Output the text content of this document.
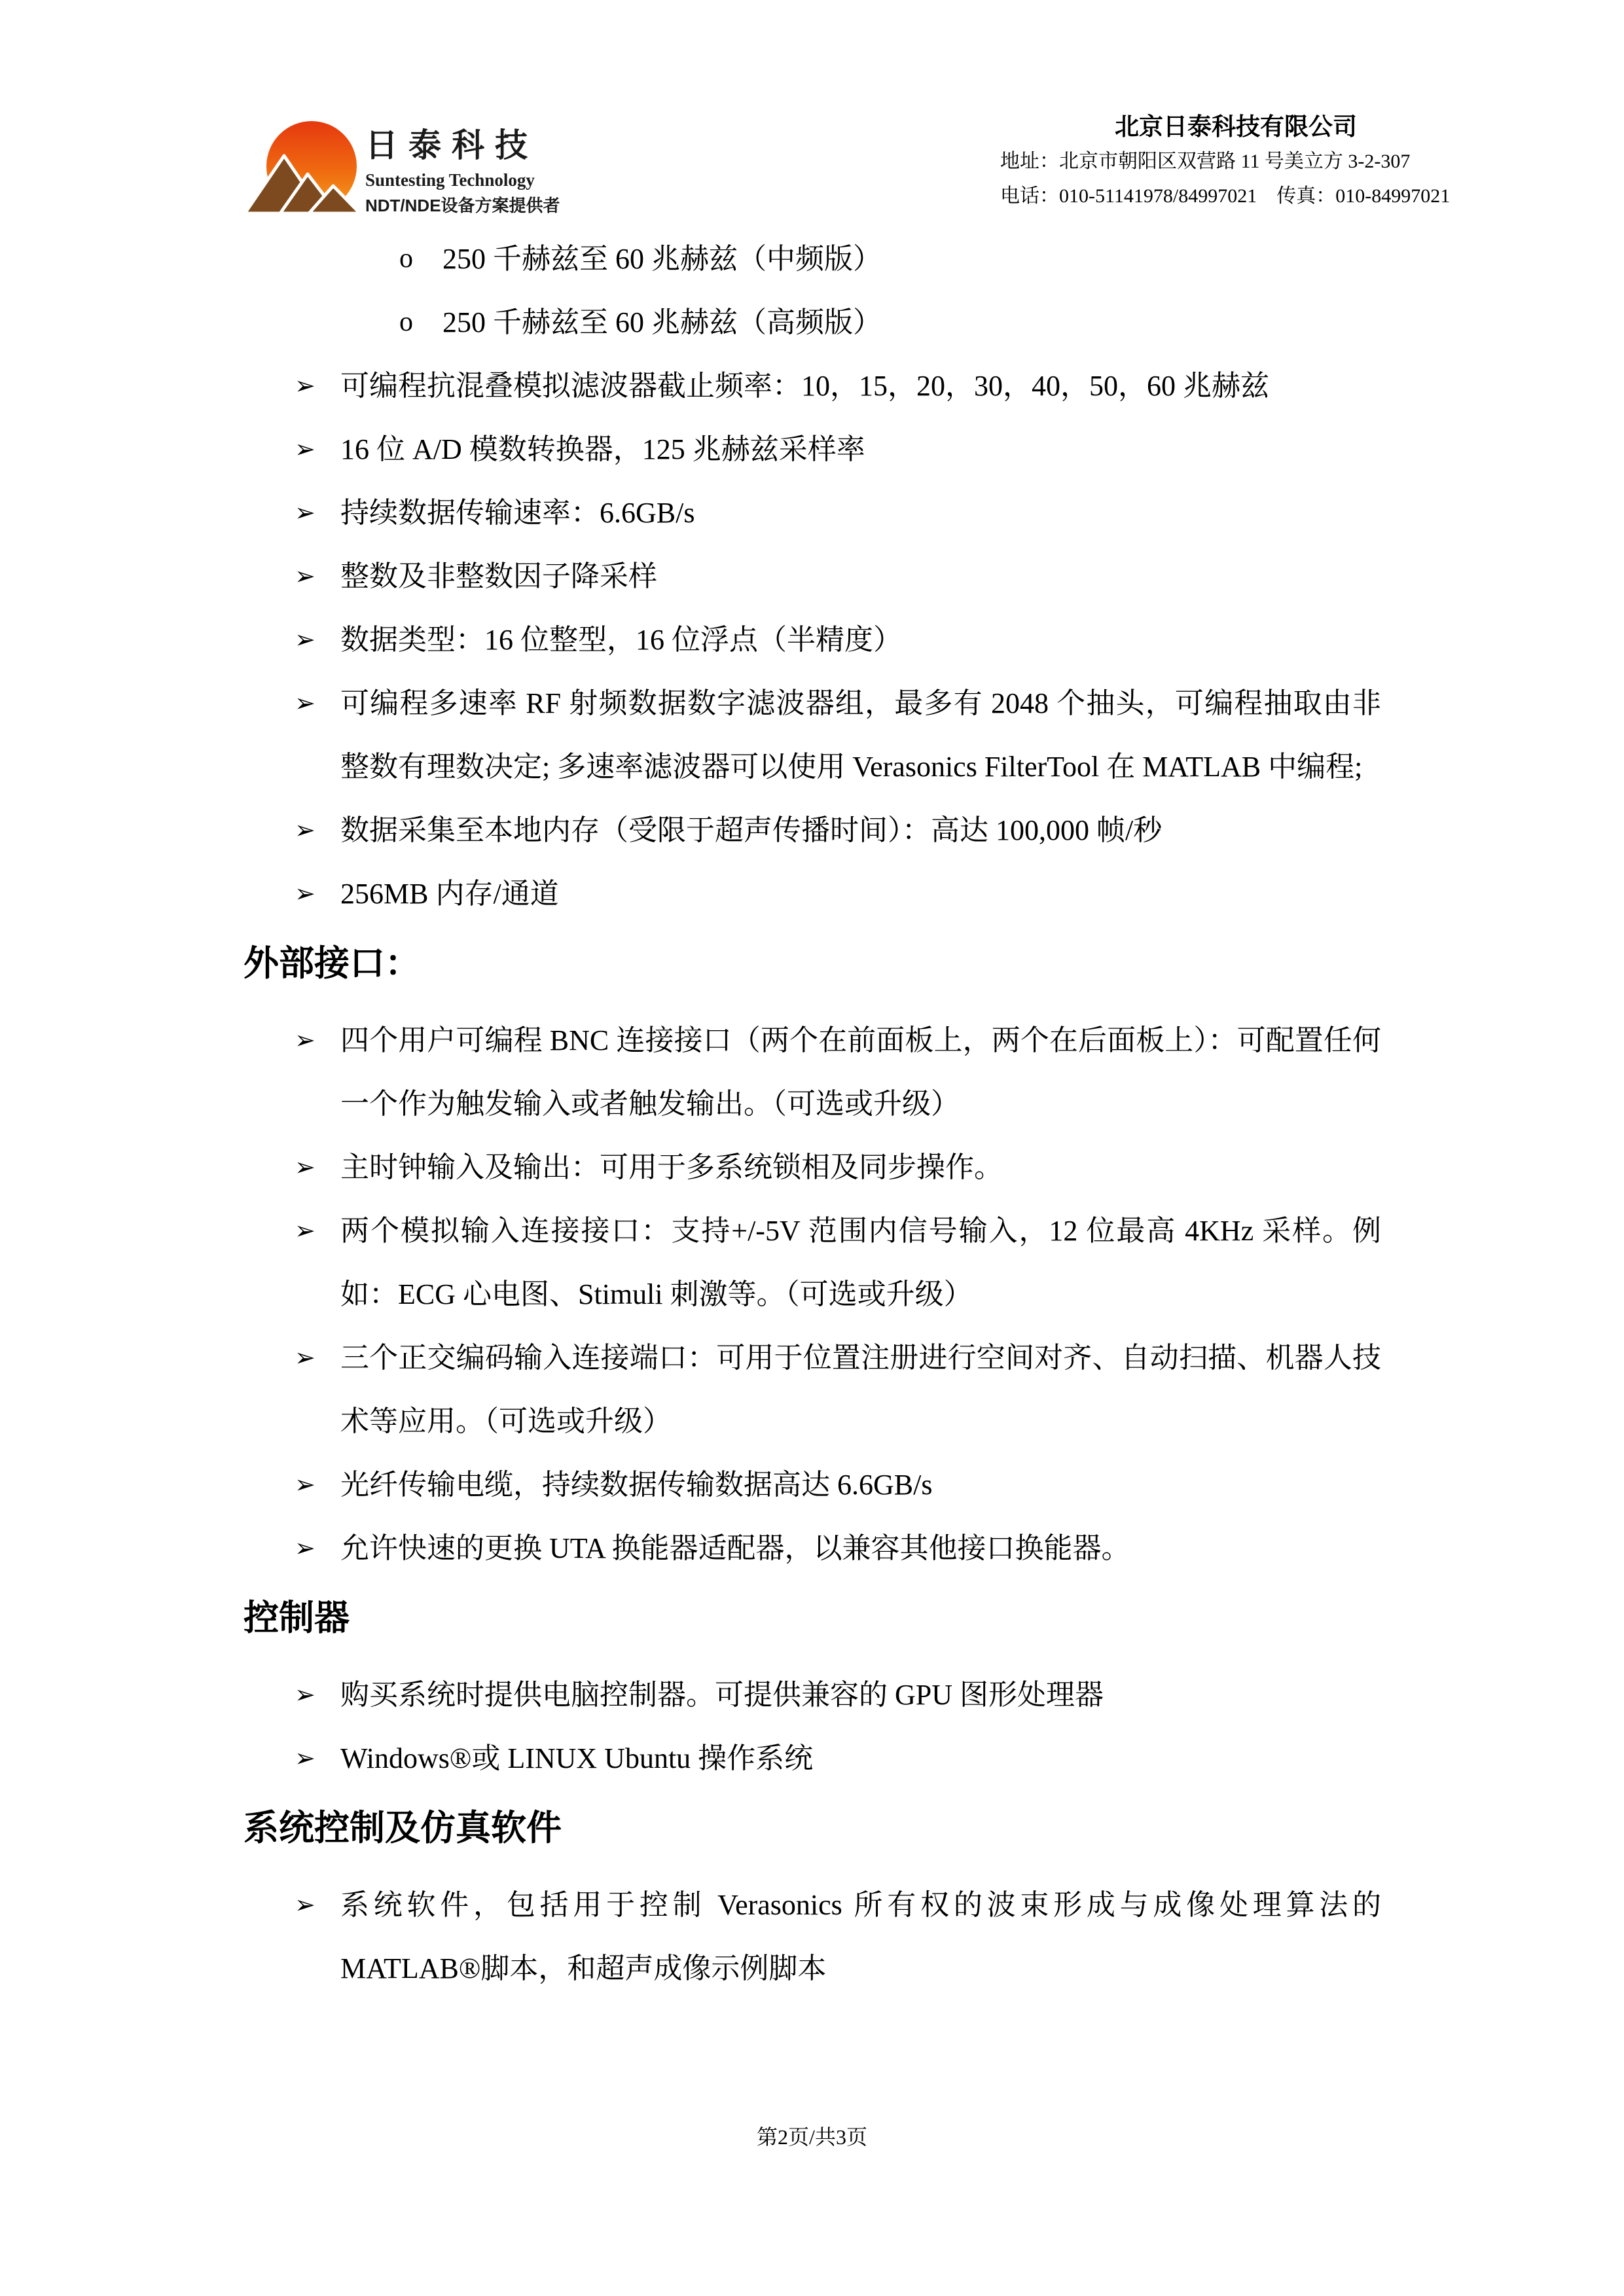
日泰科技
Suntesting Technology
NDT/NDE设备方案提供者
北京日泰科技有限公司
地址：北京市朝阳区双营路 11 号美立方 3-2-307
电话：010-51141978/84997021　传真：010-84997021
o 250 千赫兹至 60 兆赫兹（中频版）
o 250 千赫兹至 60 兆赫兹（高频版）
➢ 可编程抗混叠模拟滤波器截止频率：10，15，20，30，40，50，60 兆赫兹
➢ 16 位 A/D 模数转换器，125 兆赫兹采样率
➢ 持续数据传输速率：6.6GB/s
➢ 整数及非整数因子降采样
➢ 数据类型：16 位整型，16 位浮点（半精度）
➢ 可编程多速率 RF 射频数据数字滤波器组，最多有 2048 个抽头，可编程抽取由非整数有理数决定; 多速率滤波器可以使用 Verasonics FilterTool 在 MATLAB 中编程;
➢ 数据采集至本地内存（受限于超声传播时间）：高达 100,000 帧/秒
➢ 256MB 内存/通道
外部接口：
➢ 四个用户可编程 BNC 连接接口（两个在前面板上，两个在后面板上）：可配置任何一个作为触发输入或者触发输出。（可选或升级）
➢ 主时钟输入及输出：可用于多系统锁相及同步操作。
➢ 两个模拟输入连接接口：支持+/-5V 范围内信号输入，12 位最高 4KHz 采样。例如：ECG 心电图、Stimuli 刺激等。（可选或升级）
➢ 三个正交编码输入连接端口：可用于位置注册进行空间对齐、自动扫描、机器人技术等应用。（可选或升级）
➢ 光纤传输电缆，持续数据传输数据高达 6.6GB/s
➢ 允许快速的更换 UTA 换能器适配器，以兼容其他接口换能器。
控制器
➢ 购买系统时提供电脑控制器。可提供兼容的 GPU 图形处理器
➢ Windows®或 LINUX Ubuntu 操作系统
系统控制及仿真软件
➢ 系统软件，包括用于控制 Verasonics 所有权的波束形成与成像处理算法的 MATLAB®脚本，和超声成像示例脚本
第2页/共3页
